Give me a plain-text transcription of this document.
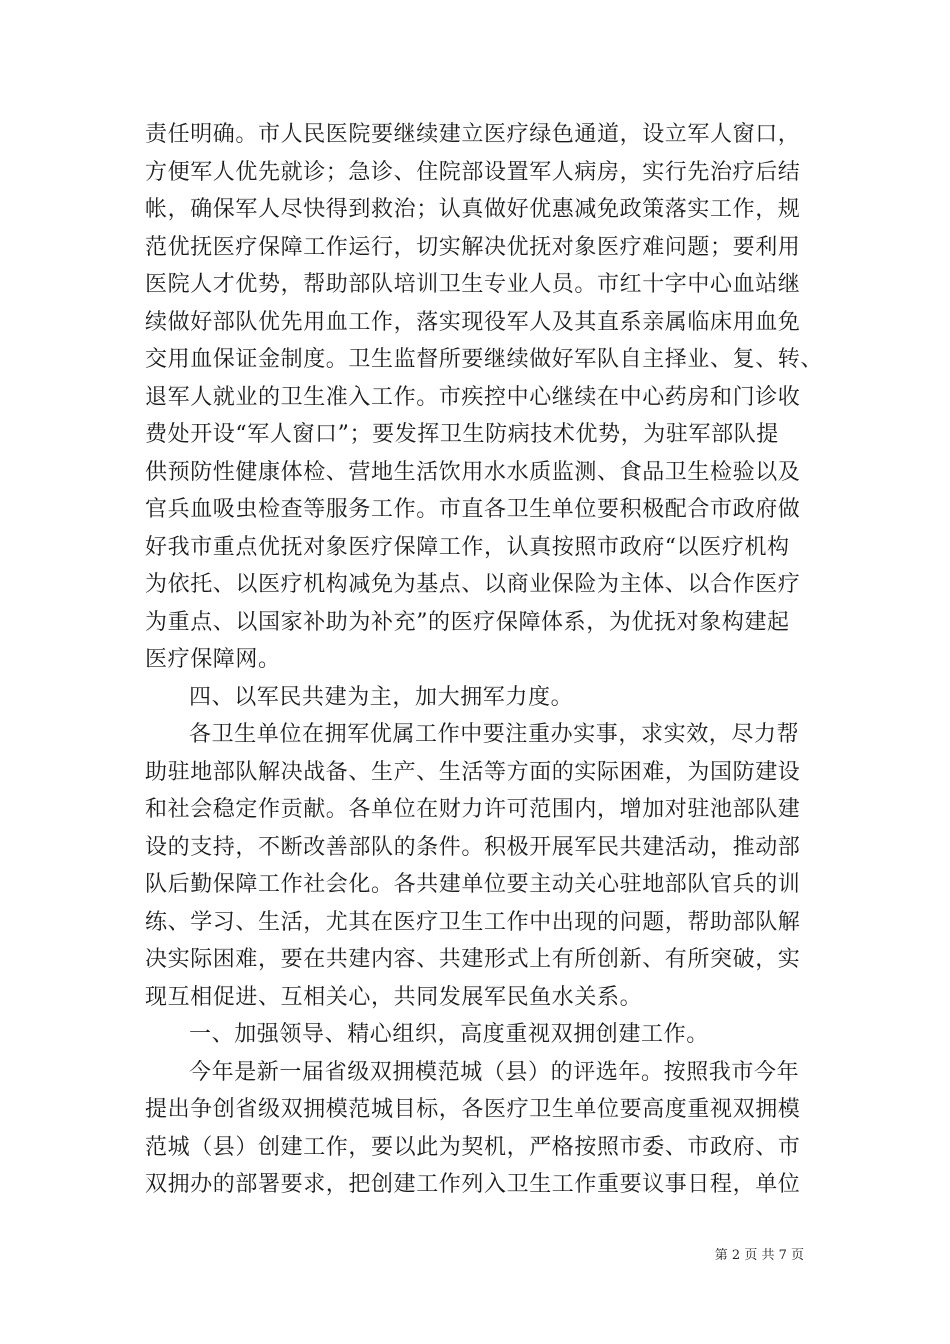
责任明确。市人民医院要继续建立医疗绿色通道，设立军人窗口，
方便军人优先就诊；急诊、住院部设置军人病房，实行先治疗后结
帐，确保军人尽快得到救治；认真做好优惠减免政策落实工作，规
范优抚医疗保障工作运行，切实解决优抚对象医疗难问题；要利用
医院人才优势，帮助部队培训卫生专业人员。市红十字中心血站继
续做好部队优先用血工作，落实现役军人及其直系亲属临床用血免
交用血保证金制度。卫生监督所要继续做好军队自主择业、复、转、
退军人就业的卫生准入工作。市疾控中心继续在中心药房和门诊收
费处开设“军人窗口”；要发挥卫生防病技术优势，为驻军部队提
供预防性健康体检、营地生活饮用水水质监测、食品卫生检验以及
官兵血吸虫检查等服务工作。市直各卫生单位要积极配合市政府做
好我市重点优抚对象医疗保障工作，认真按照市政府“以医疗机构
为依托、以医疗机构减免为基点、以商业保险为主体、以合作医疗
为重点、以国家补助为补充”的医疗保障体系，为优抚对象构建起
医疗保障网。
四、以军民共建为主，加大拥军力度。
各卫生单位在拥军优属工作中要注重办实事，求实效，尽力帮
助驻地部队解决战备、生产、生活等方面的实际困难，为国防建设
和社会稳定作贡献。各单位在财力许可范围内，增加对驻池部队建
设的支持，不断改善部队的条件。积极开展军民共建活动，推动部
队后勤保障工作社会化。各共建单位要主动关心驻地部队官兵的训
练、学习、生活，尤其在医疗卫生工作中出现的问题，帮助部队解
决实际困难，要在共建内容、共建形式上有所创新、有所突破，实
现互相促进、互相关心，共同发展军民鱼水关系。
一、加强领导、精心组织，高度重视双拥创建工作。
今年是新一届省级双拥模范城（县）的评选年。按照我市今年
提出争创省级双拥模范城目标，各医疗卫生单位要高度重视双拥模
范城（县）创建工作，要以此为契机，严格按照市委、市政府、市
双拥办的部署要求，把创建工作列入卫生工作重要议事日程，单位
第 2 页 共 7 页
